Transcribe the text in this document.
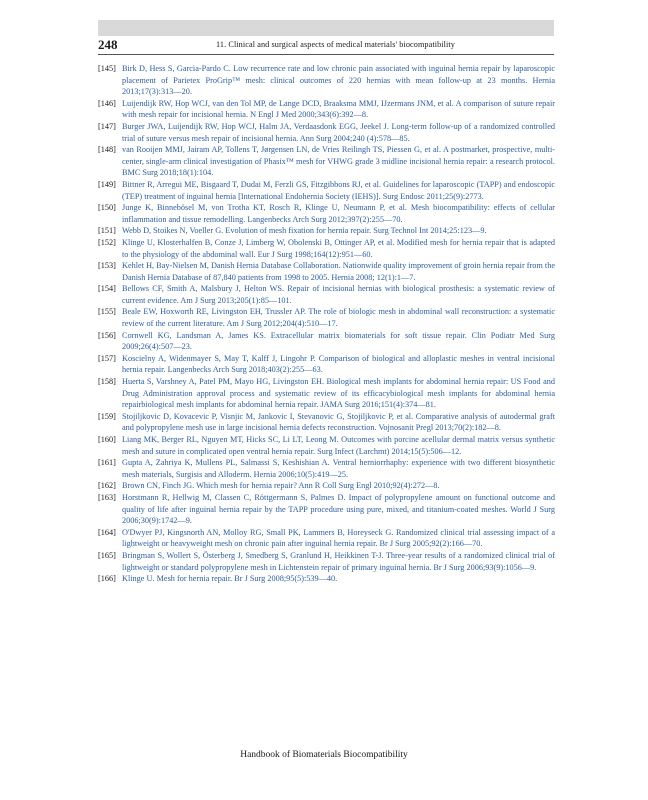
248	11. Clinical and surgical aspects of medical materials' biocompatibility
[145] Birk D, Hess S, Garcia-Pardo C. Low recurrence rate and low chronic pain associated with inguinal hernia repair by laparoscopic placement of Parietex ProGrip™ mesh: clinical outcomes of 220 hernias with mean follow-up at 23 months. Hernia 2013;17(3):313—20.
[146] Luijendijk RW, Hop WCJ, van den Tol MP, de Lange DCD, Braaksma MMJ, IJzermans JNM, et al. A comparison of suture repair with mesh repair for incisional hernia. N Engl J Med 2000;343(6):392—8.
[147] Burger JWA, Luijendijk RW, Hop WCJ, Halm JA, Verdaasdonk EGG, Jeekel J. Long-term follow-up of a randomized controlled trial of suture versus mesh repair of incisional hernia. Ann Surg 2004;240 (4):578—85.
[148] van Rooijen MMJ, Jairam AP, Tollens T, Jørgensen LN, de Vries Reilingh TS, Piessen G, et al. A postmarket, prospective, multi-center, single-arm clinical investigation of Phasix™ mesh for VHWG grade 3 midline incisional hernia repair: a research protocol. BMC Surg 2018;18(1):104.
[149] Bittner R, Arregui ME, Bisgaard T, Dudai M, Ferzli GS, Fitzgibbons RJ, et al. Guidelines for laparoscopic (TAPP) and endoscopic (TEP) treatment of inguinal hernia [International Endohernia Society (IEHS)]. Surg Endosc 2011;25(9):2773.
[150] Junge K, Binnebösel M, von Trotha KT, Rosch R, Klinge U, Neumann P, et al. Mesh biocompatibility: effects of cellular inflammation and tissue remodelling. Langenbecks Arch Surg 2012;397(2):255—70.
[151] Webb D, Stoikes N, Voeller G. Evolution of mesh fixation for hernia repair. Surg Technol Int 2014;25:123—9.
[152] Klinge U, Klosterhalfen B, Conze J, Limberg W, Obolenski B, Ottinger AP, et al. Modified mesh for hernia repair that is adapted to the physiology of the abdominal wall. Eur J Surg 1998;164(12):951—60.
[153] Kehlet H, Bay-Nielsen M, Danish Hernia Database Collaboration. Nationwide quality improvement of groin hernia repair from the Danish Hernia Database of 87,840 patients from 1998 to 2005. Hernia 2008; 12(1):1—7.
[154] Bellows CF, Smith A, Malsbury J, Helton WS. Repair of incisional hernias with biological prosthesis: a systematic review of current evidence. Am J Surg 2013;205(1):85—101.
[155] Beale EW, Hoxworth RE, Livingston EH, Trussler AP. The role of biologic mesh in abdominal wall reconstruction: a systematic review of the current literature. Am J Surg 2012;204(4):510—17.
[156] Cornwell KG, Landsman A, James KS. Extracellular matrix biomaterials for soft tissue repair. Clin Podiatr Med Surg 2009;26(4):507—23.
[157] Koscielny A, Widenmayer S, May T, Kalff J, Lingohr P. Comparison of biological and alloplastic meshes in ventral incisional hernia repair. Langenbecks Arch Surg 2018;403(2):255—63.
[158] Huerta S, Varshney A, Patel PM, Mayo HG, Livingston EH. Biological mesh implants for abdominal hernia repair: US Food and Drug Administration approval process and systematic review of its efficacybiological mesh implants for abdominal hernia repairbiological mesh implants for abdominal hernia repair. JAMA Surg 2016;151(4):374—81.
[159] Stojiljkovic D, Kovacevic P, Visnjic M, Jankovic I, Stevanovic G, Stojiljkovic P, et al. Comparative analysis of autodermal graft and polypropylene mesh use in large incisional hernia defects reconstruction. Vojnosanit Pregl 2013;70(2):182—8.
[160] Liang MK, Berger RL, Nguyen MT, Hicks SC, Li LT, Leong M. Outcomes with porcine acellular dermal matrix versus synthetic mesh and suture in complicated open ventral hernia repair. Surg Infect (Larchmt) 2014;15(5):506—12.
[161] Gupta A, Zahriya K, Mullens PL, Salmassi S, Keshishian A. Ventral herniorrhaphy: experience with two different biosynthetic mesh materials, Surgisis and Alloderm. Hernia 2006;10(5):419—25.
[162] Brown CN, Finch JG. Which mesh for hernia repair? Ann R Coll Surg Engl 2010;92(4):272—8.
[163] Horstmann R, Hellwig M, Classen C, Röttgermann S, Palmes D. Impact of polypropylene amount on functional outcome and quality of life after inguinal hernia repair by the TAPP procedure using pure, mixed, and titanium-coated meshes. World J Surg 2006;30(9):1742—9.
[164] O'Dwyer PJ, Kingsnorth AN, Molloy RG, Small PK, Lammers B, Horeyseck G. Randomized clinical trial assessing impact of a lightweight or heavyweight mesh on chronic pain after inguinal hernia repair. Br J Surg 2005;92(2):166—70.
[165] Bringman S, Wollert S, Österberg J, Smedberg S, Granlund H, Heikkinen T-J. Three-year results of a randomized clinical trial of lightweight or standard polypropylene mesh in Lichtenstein repair of primary inguinal hernia. Br J Surg 2006;93(9):1056—9.
[166] Klinge U. Mesh for hernia repair. Br J Surg 2008;95(5):539—40.
Handbook of Biomaterials Biocompatibility
